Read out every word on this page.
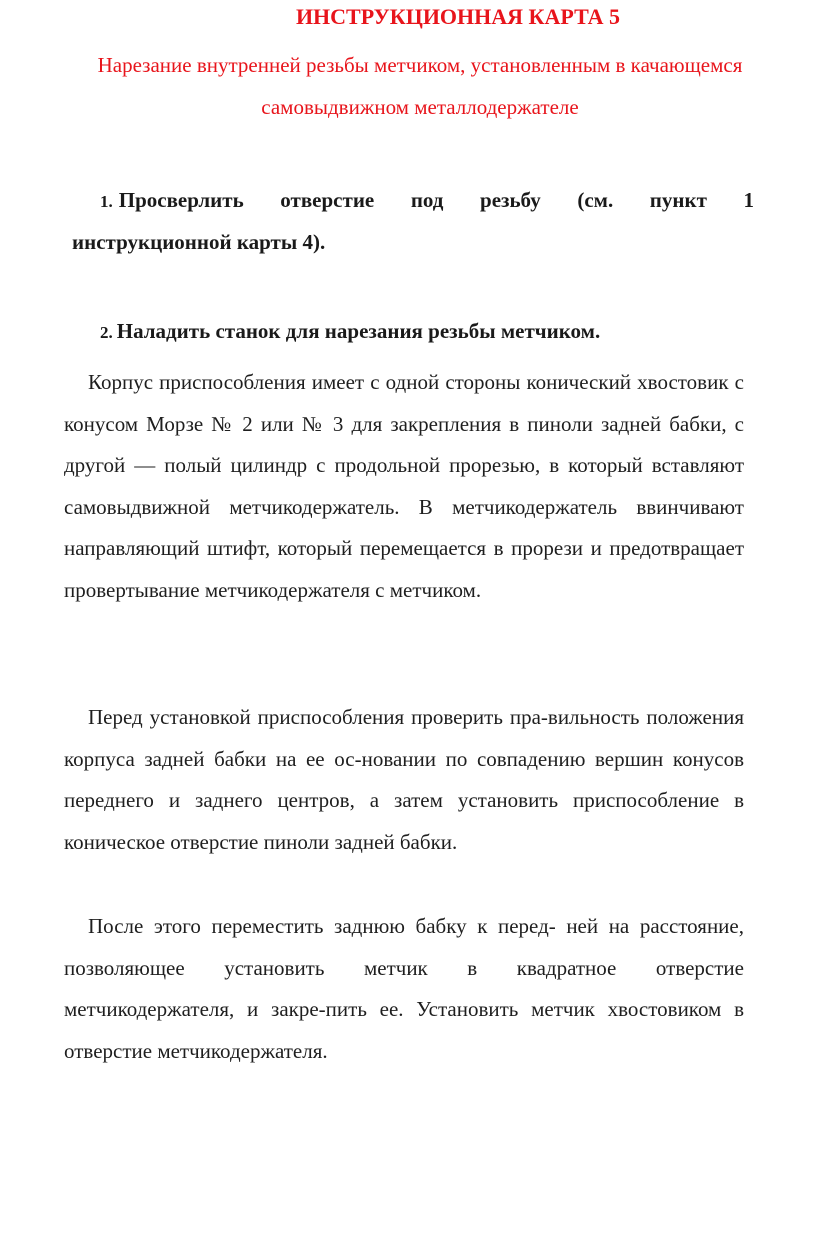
ИНСТРУКЦИОННАЯ КАРТА 5
Нарезание внутренней резьбы метчиком, установленным в качающемся самовыдвижном металлодержателе
1. Просверлить отверстие под резьбу (см. пункт 1
инструкционной карты 4).
2. Наладить станок для нарезания резьбы метчиком.
Корпус приспособления имеет с одной стороны конический хвостовик с конусом Морзе № 2 или № 3 для закрепления в пиноли задней бабки, с другой — полый цилиндр с продольной прорезью, в который вставляют самовыдвижной метчикодержатель. В метчикодержатель ввинчивают направляющий штифт, который перемещается в прорези и предотвращает провертывание метчикодержателя с метчиком.
Перед установкой приспособления проверить пра-вильность положения корпуса задней бабки на ее ос-новании по совпадению вершин конусов переднего и заднего центров, а затем установить приспособление в коническое отверстие пиноли задней бабки.
После этого переместить заднюю бабку к перед- ней на расстояние, позволяющее установить метчик в квадратное отверстие метчикодержателя, и закре-пить ее. Установить метчик хвостовиком в отверстие метчикодержателя.
